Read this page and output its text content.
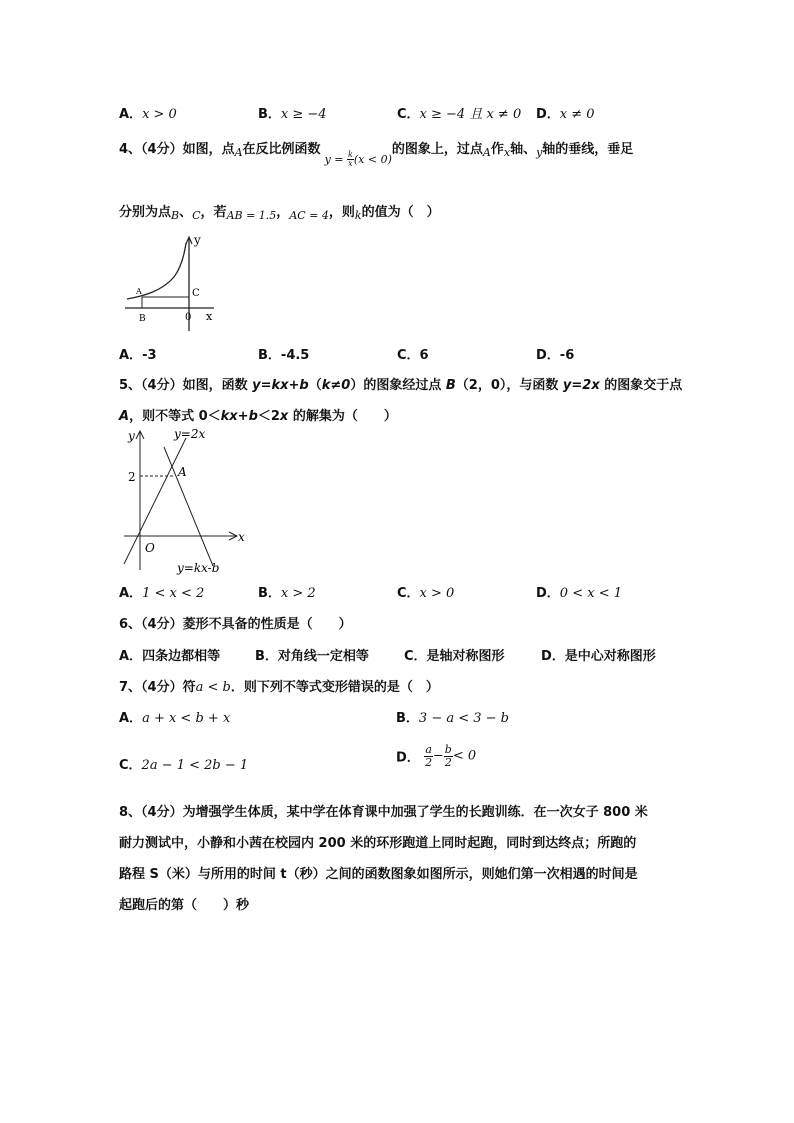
A．x > 0	B．x ≥ −4	C．x ≥ −4 且 x ≠ 0 D．x ≠ 0
4、（4分）如图，点$_A$在反比例函数$_{y =} \frac{k}{x} _{(x < 0)}$的图象上，过点$_A$作$_x$轴、$_y$轴的垂线，垂足
分别为点$_B$、$_C$，若$_{AB = 1.5}$，$_{AC = 4}$，则$_k$的值为（　）
y
x
A
B
C
0
A．-3	B．-4.5	C．6	D．-6
5、（4分）如图，函数 y=kx+b（k≠0）的图象经过点 B（2，0），与函数 y=2x 的图象交于点
A，则不等式 0＜kx+b＜2x 的解集为（　　）
y
x
O
A
2
y=2x
y=kx-b
A．1 < x < 2	B．x > 2	C．x > 0	D．0 < x < 1
6、（4分）菱形不具备的性质是（　　）
A．四条边都相等	B．对角线一定相等	C．是轴对称图形	D．是中心对称图形
7、（4分）符a < b．则下列不等式变形错误的是（　）
A．a + x < b + x	B．3 − a < 3 − b
C．2a − 1 < 2b − 1	D． $\frac{a}{2} - \frac{b}{2} < 0$
8、（4分）为增强学生体质，某中学在体育课中加强了学生的长跑训练．在一次女子 800 米
耐力测试中，小静和小茜在校园内 200 米的环形跑道上同时起跑，同时到达终点；所跑的
路程 S（米）与所用的时间 t（秒）之间的函数图象如图所示，则她们第一次相遇的时间是
起跑后的第（　　）秒
